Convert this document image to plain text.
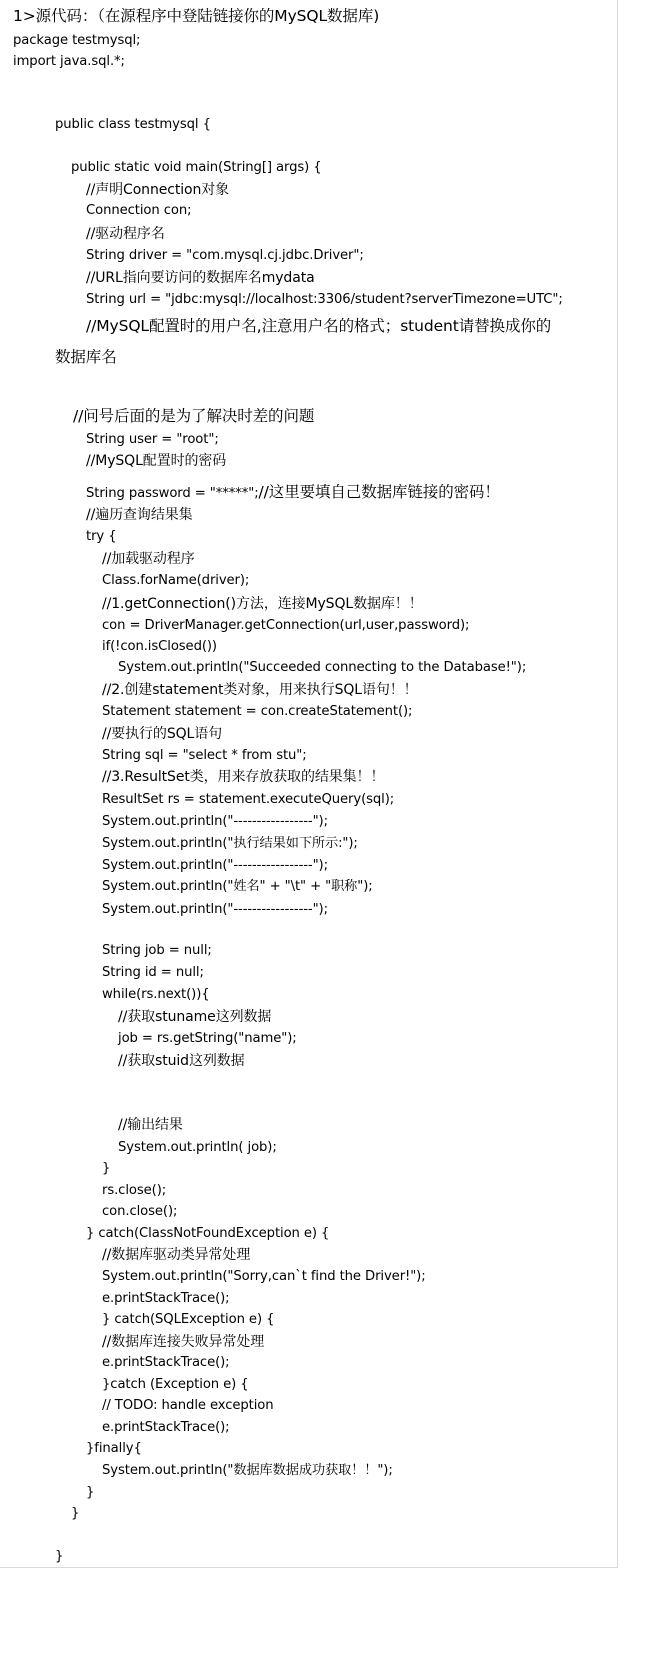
1>源代码：（在源程序中登陆链接你的MySQL数据库)
package testmysql;
import java.sql.*;
public class testmysql {
public static void main(String[] args) {
//声明Connection对象
Connection con;
//驱动程序名
String driver = "com.mysql.cj.jdbc.Driver";
//URL指向要访问的数据库名mydata
String url = "jdbc:mysql://localhost:3306/student?serverTimezone=UTC";
//MySQL配置时的用户名,注意用户名的格式；student请替换成你的
数据库名
//问号后面的是为了解决时差的问题
String user = "root";
//MySQL配置时的密码
String password = "*****";//这里要填自己数据库链接的密码！
//遍历查询结果集
try {
//加载驱动程序
Class.forName(driver);
//1.getConnection()方法，连接MySQL数据库！！
con = DriverManager.getConnection(url,user,password);
if(!con.isClosed())
System.out.println("Succeeded connecting to the Database!");
//2.创建statement类对象，用来执行SQL语句！！
Statement statement = con.createStatement();
//要执行的SQL语句
String sql = "select * from stu";
//3.ResultSet类，用来存放获取的结果集！！
ResultSet rs = statement.executeQuery(sql);
System.out.println("-----------------");
System.out.println("执行结果如下所示:");
System.out.println("-----------------");
System.out.println("姓名" + "\t" + "职称");
System.out.println("-----------------");
String job = null;
String id = null;
while(rs.next()){
//获取stuname这列数据
job = rs.getString("name");
//获取stuid这列数据
//输出结果
System.out.println( job);
}
rs.close();
con.close();
} catch(ClassNotFoundException e) {
//数据库驱动类异常处理
System.out.println("Sorry,can`t find the Driver!");
e.printStackTrace();
} catch(SQLException e) {
//数据库连接失败异常处理
e.printStackTrace();
}catch (Exception e) {
// TODO: handle exception
e.printStackTrace();
}finally{
System.out.println("数据库数据成功获取！！");
}
}
}
